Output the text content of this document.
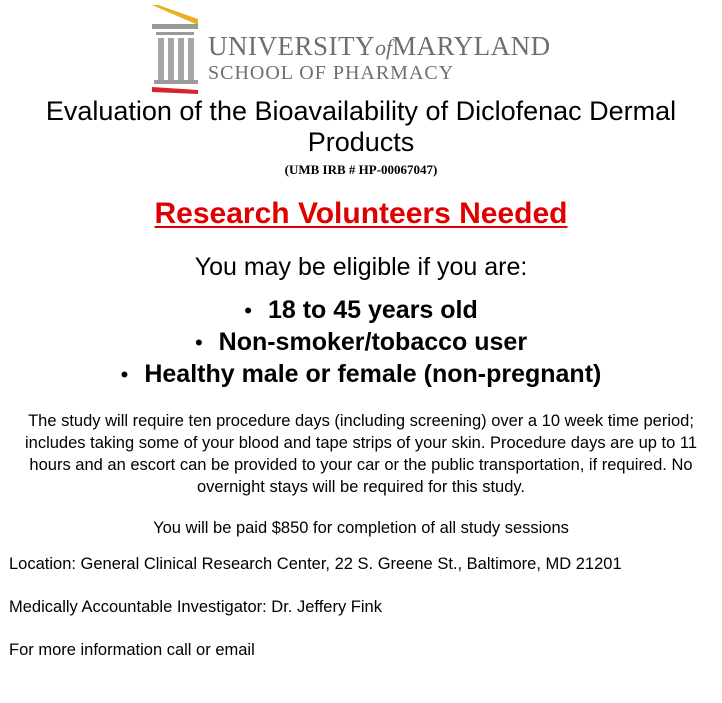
UNIVERSITYofMARYLAND
SCHOOL OF PHARMACY
Evaluation of the Bioavailability of Diclofenac Dermal Products
(UMB IRB # HP-00067047)
Research Volunteers Needed
You may be eligible if you are:
• 18 to 45 years old
• Non-smoker/tobacco user
• Healthy male or female (non-pregnant)
The study will require ten procedure days (including screening) over a 10 week time period; includes taking some of your blood and tape strips of your skin. Procedure days are up to 11 hours and an escort can be provided to your car or the public transportation, if required. No overnight stays will be required for this study.
You will be paid $850 for completion of all study sessions
Location: General Clinical Research Center, 22 S. Greene St., Baltimore, MD 21201
Medically Accountable Investigator: Dr. Jeffery Fink
For more information call or email
